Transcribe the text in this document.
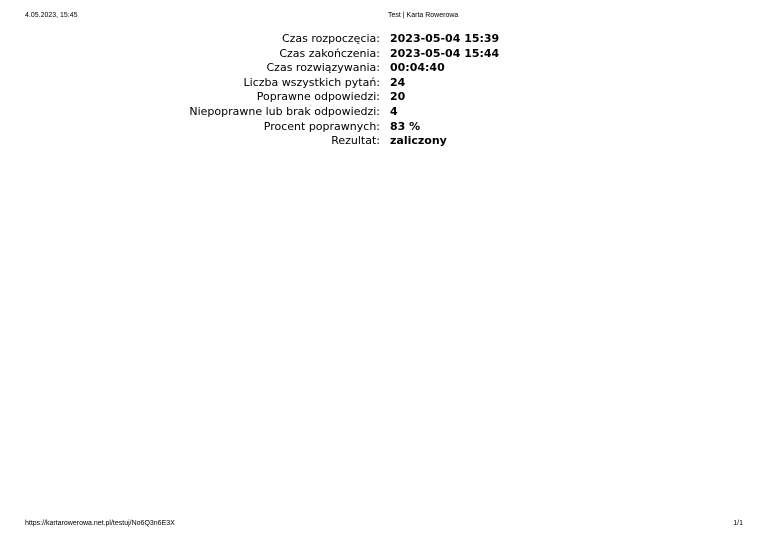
4.05.2023, 15:45	Test | Karta Rowerowa
Czas rozpoczęcia:	2023-05-04 15:39
Czas zakończenia:	2023-05-04 15:44
Czas rozwiązywania:	00:04:40
Liczba wszystkich pytań:	24
Poprawne odpowiedzi:	20
Niepoprawne lub brak odpowiedzi:	4
Procent poprawnych:	83 %
Rezultat:	zaliczony
https://kartarowerowa.net.pl/testuj/No6Q3n6E3X	1/1
